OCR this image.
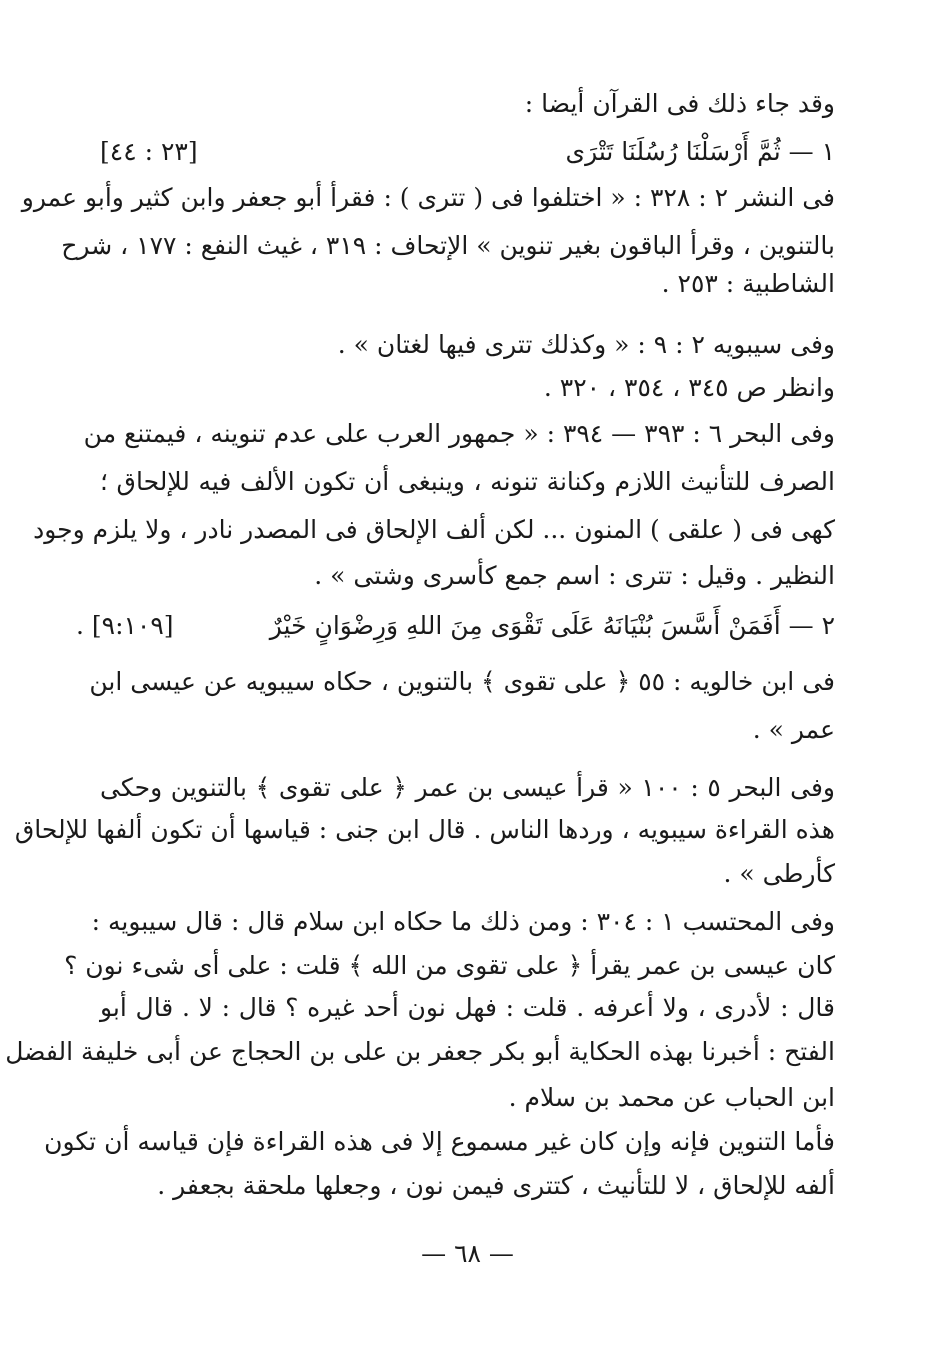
وقد جاء ذلك فى القرآن أيضا :
١ — ثُمَّ أَرْسَلْنَا رُسُلَنَا تَتْرَى
[٢٣ : ٤٤]
فى النشر ٢ : ٣٢٨ : « اختلفوا فى ( تترى ) : فقرأ أبو جعفر وابن كثير وأبو عمرو
بالتنوين ، وقرأ الباقون بغير تنوين » الإتحاف : ٣١٩ ، غيث النفع : ١٧٧ ، شرح
الشاطبية : ٢٥٣ .
وفى سيبويه ٢ : ٩ : « وكذلك تترى فيها لغتان » .
وانظر ص ٣٤٥ ، ٣٥٤ ، ٣٢٠ .
وفى البحر ٦ : ٣٩٣ — ٣٩٤ : « جمهور العرب على عدم تنوينه ، فيمتنع من
الصرف للتأنيث اللازم وكنانة تنونه ، وينبغى أن تكون الألف فيه للإلحاق ؛
كهى فى ( علقى ) المنون ... لكن ألف الإلحاق فى المصدر نادر ، ولا يلزم وجود
النظير . وقيل : تترى : اسم جمع كأسرى وشتى » .
٢ — أَفَمَنْ أَسَّسَ بُنْيَانَهُ عَلَى تَقْوَى مِنَ اللهِ وَرِضْوَانٍ خَيْرٌ
[٩:١٠٩] .
فى ابن خالويه : ٥٥ ﴿ على تقوى ﴾ بالتنوين ، حكاه سيبويه عن عيسى ابن
عمر » .
وفى البحر ٥ : ١٠٠ « قرأ عيسى بن عمر ﴿ على تقوى ﴾ بالتنوين وحكى
هذه القراءة سيبويه ، وردها الناس . قال ابن جنى : قياسها أن تكون ألفها للإلحاق
كأرطى » .
وفى المحتسب ١ : ٣٠٤ : ومن ذلك ما حكاه ابن سلام قال : قال سيبويه :
كان عيسى بن عمر يقرأ ﴿ على تقوى من الله ﴾ قلت : على أى شىء نون ؟
قال : لأدرى ، ولا أعرفه . قلت : فهل نون أحد غيره ؟ قال : لا . قال أبو
الفتح : أخبرنا بهذه الحكاية أبو بكر جعفر بن على بن الحجاج عن أبى خليفة الفضل
ابن الحباب عن محمد بن سلام .
فأما التنوين فإنه وإن كان غير مسموع إلا فى هذه القراءة فإن قياسه أن تكون
ألفه للإلحاق ، لا للتأنيث ، كتترى فيمن نون ، وجعلها ملحقة بجعفر .
— ٦٨ —
